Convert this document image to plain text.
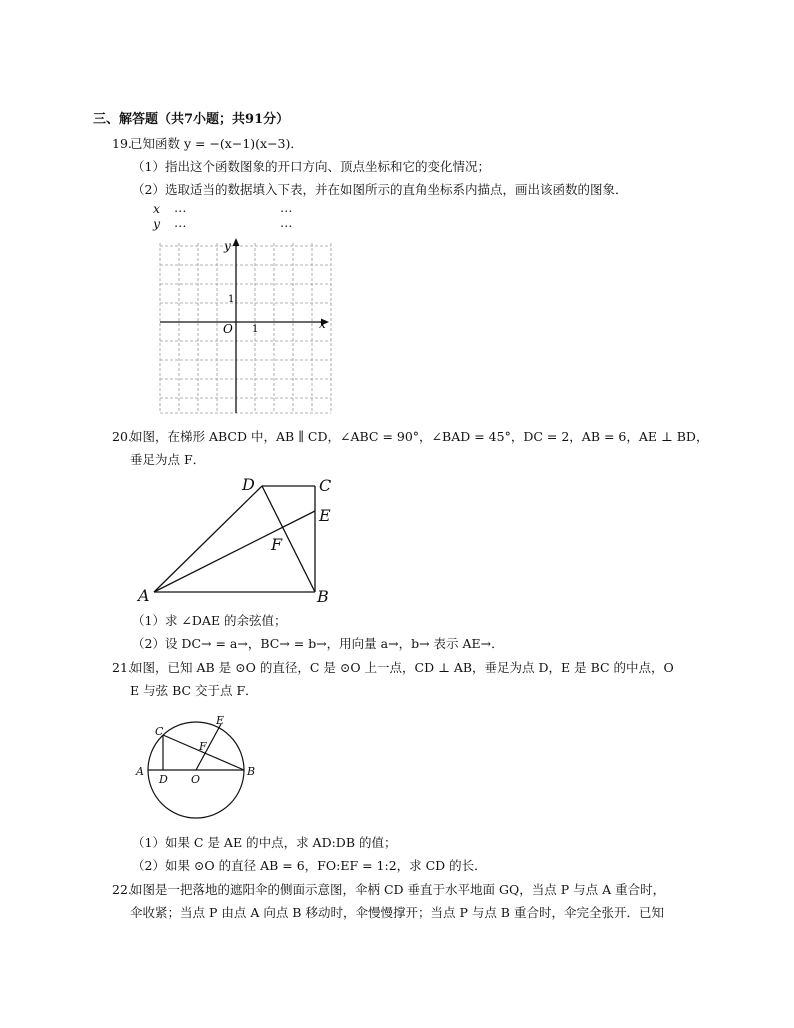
三、解答题（共7小题；共91分）
19.
已知函数 y = −(x−1)(x−3)．
（1）指出这个函数图象的开口方向、顶点坐标和它的变化情况；
（2）选取适当的数据填入下表，并在如图所示的直角坐标系内描点，画出该函数的图象．
x …	…
y …	…
y
x
O 1
1
20.
如图，在梯形 ABCD 中，AB ∥ CD，∠ABC = 90°，∠BAD = 45°，DC = 2，AB = 6，AE ⊥ BD，
垂足为点 F．
A	B
C
D
E
F
（1）求 ∠DAE 的余弦值；
（2）设 DC→ = a→，BC→ = b→，用向量 a→，b→ 表示 AE→．
21.
如图，已知 AB 是 ⊙O 的直径，C 是 ⊙O 上一点，CD ⊥ AB，垂足为点 D，E 是 BC 的中点，O
E 与弦 BC 交于点 F．
A	B
C
D
E
F
O
（1）如果 C 是 AE 的中点，求 AD:DB 的值；
（2）如果 ⊙O 的直径 AB = 6，FO:EF = 1:2，求 CD 的长．
22.
如图是一把落地的遮阳伞的侧面示意图，伞柄 CD 垂直于水平地面 GQ，当点 P 与点 A 重合时，
伞收紧；当点 P 由点 A 向点 B 移动时，伞慢慢撑开；当点 P 与点 B 重合时，伞完全张开．已知
